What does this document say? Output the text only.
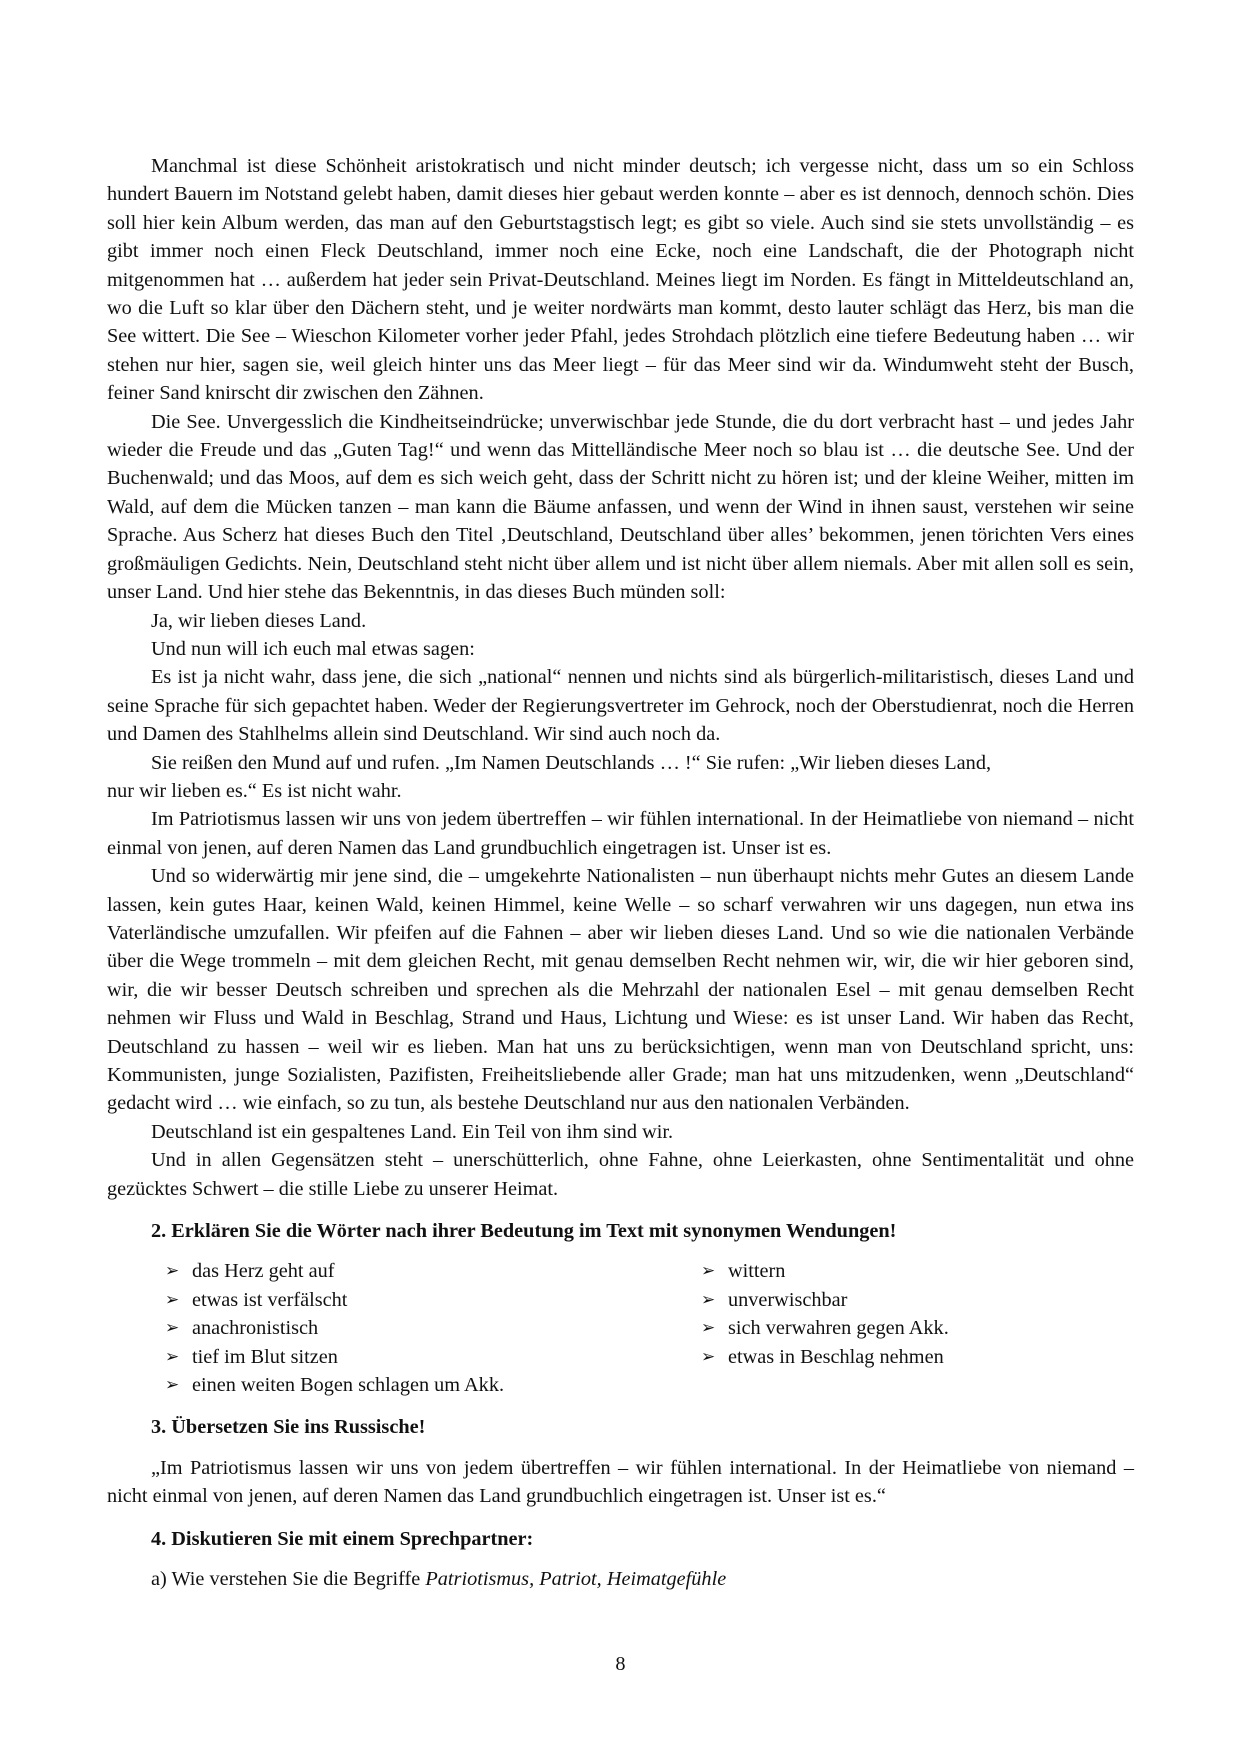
Manchmal ist diese Schönheit aristokratisch und nicht minder deutsch; ich vergesse nicht, dass um so ein Schloss hundert Bauern im Notstand gelebt haben, damit dieses hier gebaut werden konnte – aber es ist dennoch, dennoch schön. Dies soll hier kein Album werden, das man auf den Geburtstagstisch legt; es gibt so viele. Auch sind sie stets unvollständig – es gibt immer noch einen Fleck Deutschland, immer noch eine Ecke, noch eine Landschaft, die der Photograph nicht mitgenommen hat … außerdem hat jeder sein Privat-Deutschland. Meines liegt im Norden. Es fängt in Mitteldeutschland an, wo die Luft so klar über den Dächern steht, und je weiter nordwärts man kommt, desto lauter schlägt das Herz, bis man die See wittert. Die See – Wieschon Kilometer vorher jeder Pfahl, jedes Strohdach plötzlich eine tiefere Bedeutung haben … wir stehen nur hier, sagen sie, weil gleich hinter uns das Meer liegt – für das Meer sind wir da. Windumweht steht der Busch, feiner Sand knirscht dir zwischen den Zähnen.

Die See. Unvergesslich die Kindheitseindrücke; unverwischbar jede Stunde, die du dort verbracht hast – und jedes Jahr wieder die Freude und das „Guten Tag!“ und wenn das Mittelländische Meer noch so blau ist … die deutsche See. Und der Buchenwald; und das Moos, auf dem es sich weich geht, dass der Schritt nicht zu hören ist; und der kleine Weiher, mitten im Wald, auf dem die Mücken tanzen – man kann die Bäume anfassen, und wenn der Wind in ihnen saust, verstehen wir seine Sprache. Aus Scherz hat dieses Buch den Titel ‚Deutschland, Deutschland über alles’ bekommen, jenen törichten Vers eines großmäuligen Gedichts. Nein, Deutschland steht nicht über allem und ist nicht über allem niemals. Aber mit allen soll es sein, unser Land. Und hier stehe das Bekenntnis, in das dieses Buch münden soll:

Ja, wir lieben dieses Land.

Und nun will ich euch mal etwas sagen:

Es ist ja nicht wahr, dass jene, die sich „national“ nennen und nichts sind als bürgerlich-militaristisch, dieses Land und seine Sprache für sich gepachtet haben. Weder der Regierungsvertreter im Gehrock, noch der Oberstudienrat, noch die Herren und Damen des Stahlhelms allein sind Deutschland. Wir sind auch noch da.

Sie reißen den Mund auf und rufen. „Im Namen Deutschlands … !“ Sie rufen: „Wir lieben dieses Land,

nur wir lieben es.“ Es ist nicht wahr.

Im Patriotismus lassen wir uns von jedem übertreffen – wir fühlen international. In der Heimatliebe von niemand – nicht einmal von jenen, auf deren Namen das Land grundbuchlich eingetragen ist. Unser ist es.

Und so widerwärtig mir jene sind, die – umgekehrte Nationalisten – nun überhaupt nichts mehr Gutes an diesem Lande lassen, kein gutes Haar, keinen Wald, keinen Himmel, keine Welle – so scharf verwahren wir uns dagegen, nun etwa ins Vaterländische umzufallen. Wir pfeifen auf die Fahnen – aber wir lieben dieses Land. Und so wie die nationalen Verbände über die Wege trommeln – mit dem gleichen Recht, mit genau demselben Recht nehmen wir, wir, die wir hier geboren sind, wir, die wir besser Deutsch schreiben und sprechen als die Mehrzahl der nationalen Esel – mit genau demselben Recht nehmen wir Fluss und Wald in Beschlag, Strand und Haus, Lichtung und Wiese: es ist unser Land. Wir haben das Recht, Deutschland zu hassen – weil wir es lieben. Man hat uns zu berücksichtigen, wenn man von Deutschland spricht, uns: Kommunisten, junge Sozialisten, Pazifisten, Freiheitsliebende aller Grade; man hat uns mitzudenken, wenn „Deutschland“ gedacht wird … wie einfach, so zu tun, als bestehe Deutschland nur aus den nationalen Verbänden.

Deutschland ist ein gespaltenes Land. Ein Teil von ihm sind wir.

Und in allen Gegensätzen steht – unerschütterlich, ohne Fahne, ohne Leierkasten, ohne Sentimentalität und ohne gezücktes Schwert – die stille Liebe zu unserer Heimat.

2. Erklären Sie die Wörter nach ihrer Bedeutung im Text mit synonymen Wendungen!
➢ das Herz geht auf
➢ etwas ist verfälscht
➢ anachronistisch
➢ tief im Blut sitzen
➢ einen weiten Bogen schlagen um Akk.
➢ wittern
➢ unverwischbar
➢ sich verwahren gegen Akk.
➢ etwas in Beschlag nehmen
3. Übersetzen Sie ins Russische!

„Im Patriotismus lassen wir uns von jedem übertreffen – wir fühlen international. In der Heimatliebe von niemand – nicht einmal von jenen, auf deren Namen das Land grundbuchlich eingetragen ist. Unser ist es.“

4. Diskutieren Sie mit einem Sprechpartner:

a) Wie verstehen Sie die Begriffe Patriotismus, Patriot, Heimatgefühle

8
